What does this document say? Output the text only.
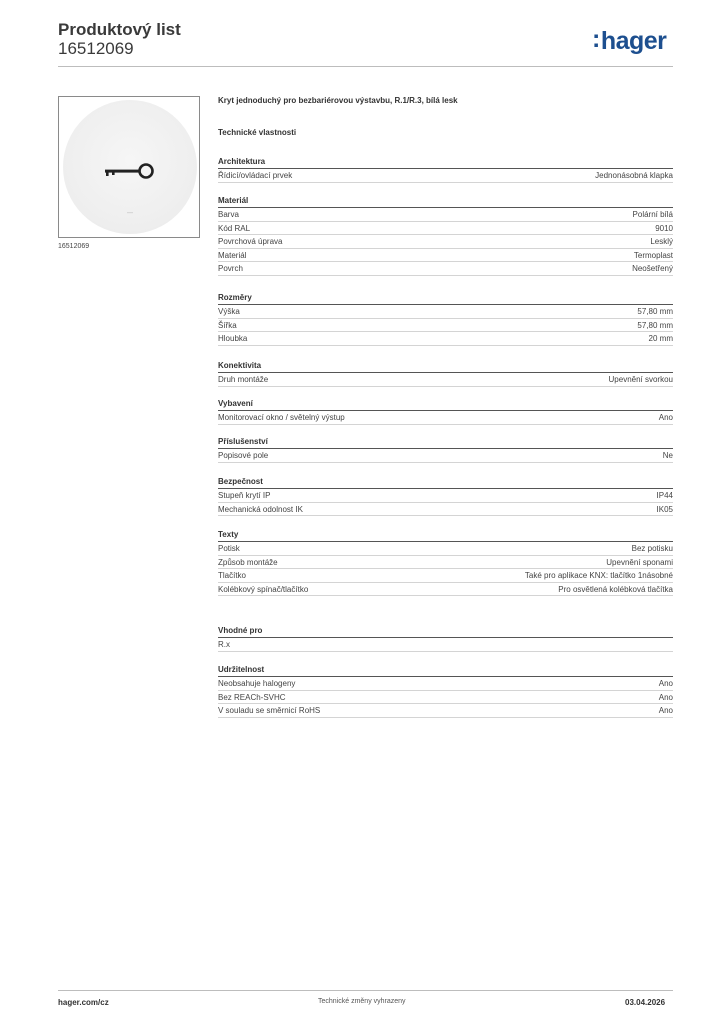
Produktový list
16512069	:hager
16512069
Kryt jednoduchý pro bezbariérovou výstavbu, R.1/R.3, bílá lesk
Technické vlastnosti
Architektura
Řídicí/ovládací prvek	Jednonásobná klapka
Materiál
Barva	Polární bílá
Kód RAL	9010
Povrchová úprava	Lesklý
Materiál	Termoplast
Povrch	Neošetřený
Rozměry
Výška	57,80 mm
Šířka	57,80 mm
Hloubka	20 mm
Konektivita
Druh montáže	Upevnění svorkou
Vybavení
Monitorovací okno / světelný výstup	Ano
Příslušenství
Popisové pole	Ne
Bezpečnost
Stupeň krytí IP	IP44
Mechanická odolnost IK	IK05
Texty
Potisk	Bez potisku
Způsob montáže	Upevnění sponami
Tlačítko	Také pro aplikace KNX: tlačítko 1násobné
Kolébkový spínač/tlačítko	Pro osvětlená kolébková tlačítka
Vhodné pro
R.x
Udržitelnost
Neobsahuje halogeny	Ano
Bez REACh-SVHC	Ano
V souladu se směrnicí RoHS	Ano
hager.com/cz	Technické změny vyhrazeny	03.04.2026
